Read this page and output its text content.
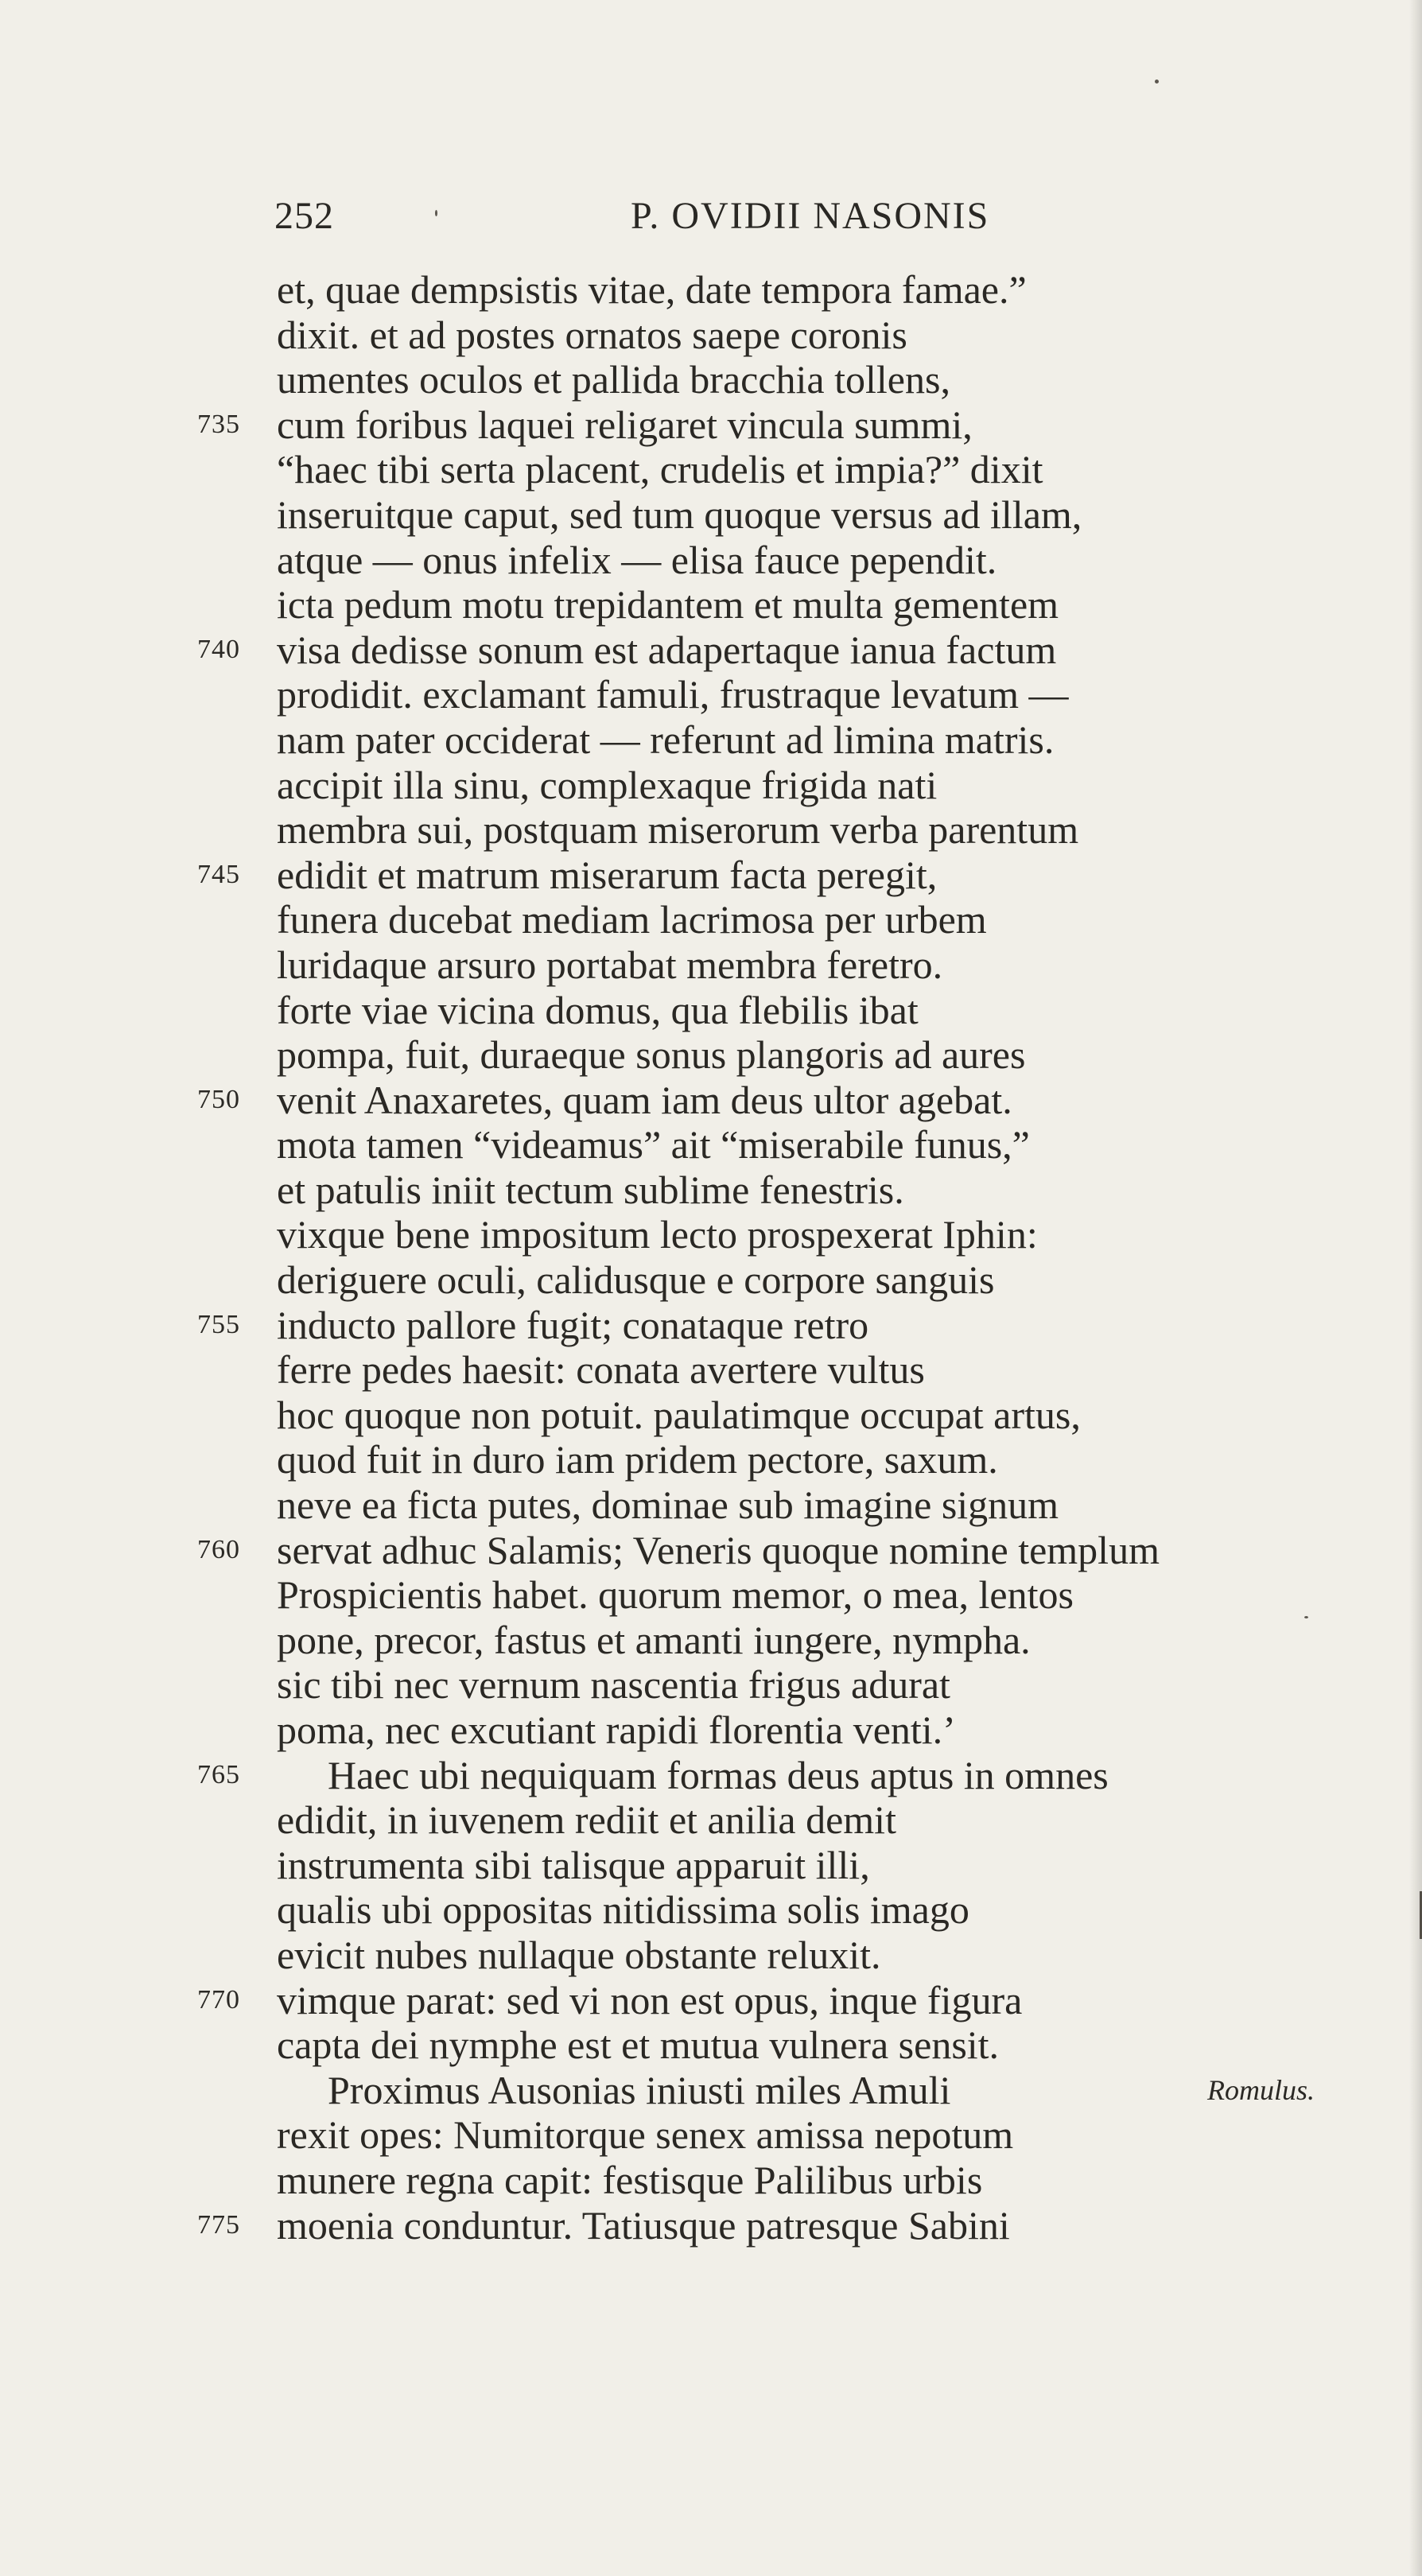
252	P. OVIDII NASONIS
et, quae dempsistis vitae, date tempora famae.”
dixit. et ad postes ornatos saepe coronis
umentes oculos et pallida bracchia tollens,
735 cum foribus laquei religaret vincula summi,
“haec tibi serta placent, crudelis et impia?” dixit
inseruitque caput, sed tum quoque versus ad illam,
atque — onus infelix — elisa fauce pependit.
icta pedum motu trepidantem et multa gementem
740 visa dedisse sonum est adapertaque ianua factum
prodidit. exclamant famuli, frustraque levatum —
nam pater occiderat — referunt ad limina matris.
accipit illa sinu, complexaque frigida nati
membra sui, postquam miserorum verba parentum
745 edidit et matrum miserarum facta peregit,
funera ducebat mediam lacrimosa per urbem
luridaque arsuro portabat membra feretro.
forte viae vicina domus, qua flebilis ibat
pompa, fuit, duraeque sonus plangoris ad aures
750 venit Anaxaretes, quam iam deus ultor agebat.
mota tamen “videamus” ait “miserabile funus,”
et patulis iniit tectum sublime fenestris.
vixque bene impositum lecto prospexerat Iphin:
deriguere oculi, calidusque e corpore sanguis
755 inducto pallore fugit; conataque retro
ferre pedes haesit: conata avertere vultus
hoc quoque non potuit. paulatimque occupat artus,
quod fuit in duro iam pridem pectore, saxum.
neve ea ficta putes, dominae sub imagine signum
760 servat adhuc Salamis; Veneris quoque nomine templum
Prospicientis habet. quorum memor, o mea, lentos
pone, precor, fastus et amanti iungere, nympha.
sic tibi nec vernum nascentia frigus adurat
poma, nec excutiant rapidi florentia venti.’
765 Haec ubi nequiquam formas deus aptus in omnes
edidit, in iuvenem rediit et anilia demit
instrumenta sibi talisque apparuit illi,
qualis ubi oppositas nitidissima solis imago
evicit nubes nullaque obstante reluxit.
770 vimque parat: sed vi non est opus, inque figura
capta dei nymphe est et mutua vulnera sensit.
Proximus Ausonias iniusti miles Amuli	Romulus.
rexit opes: Numitorque senex amissa nepotum
munere regna capit: festisque Palilibus urbis
775 moenia conduntur. Tatiusque patresque Sabini
